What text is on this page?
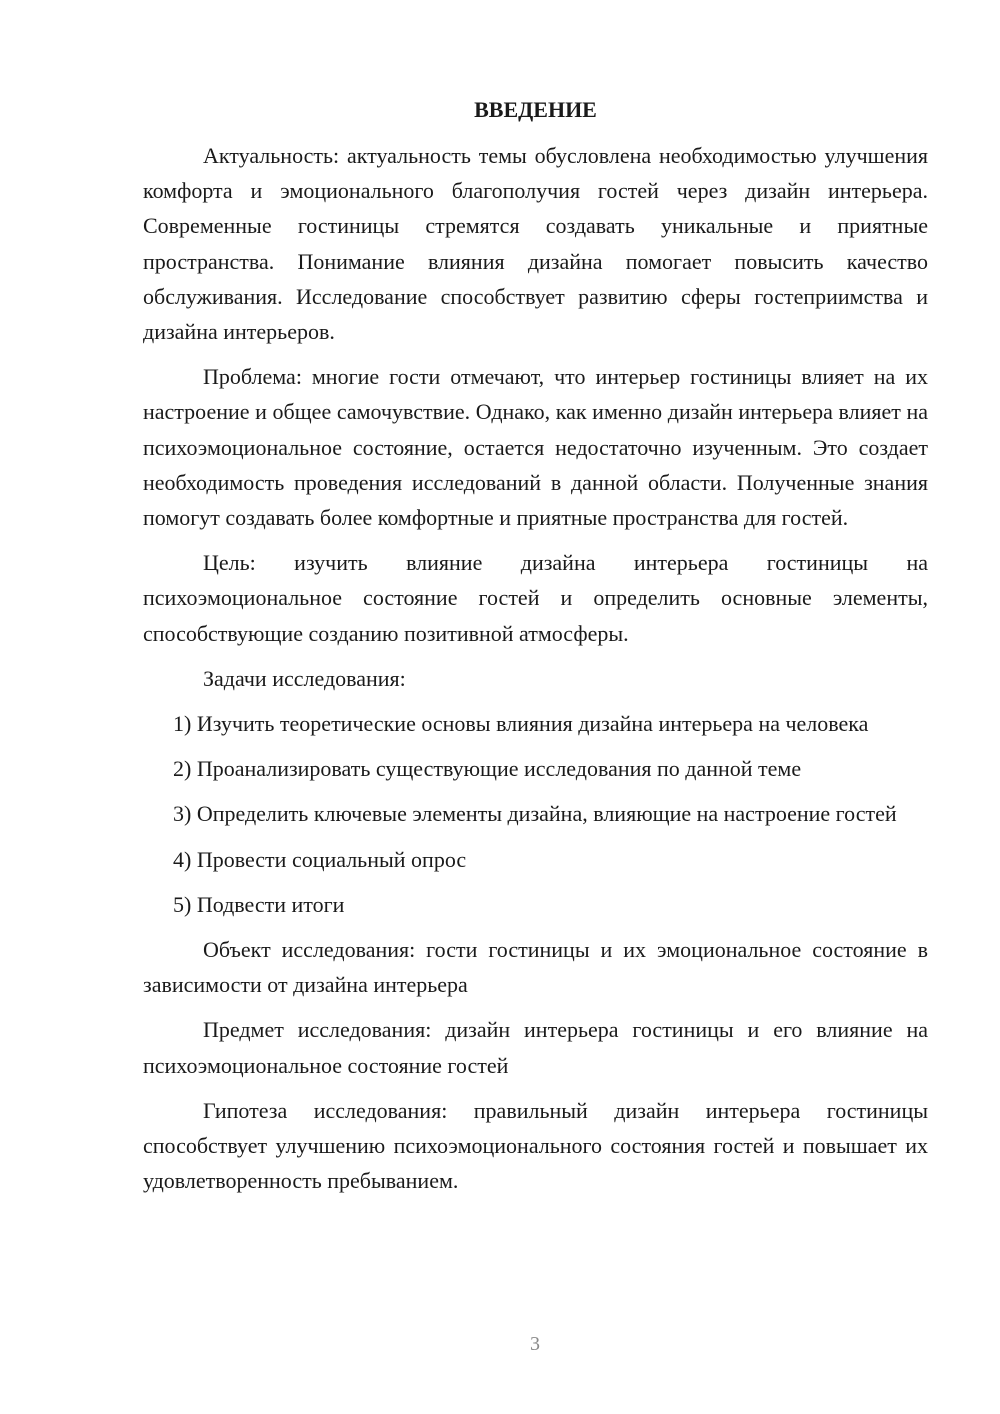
ВВЕДЕНИЕ

Актуальность: актуальность темы обусловлена необходимостью улучшения комфорта и эмоционального благополучия гостей через дизайн интерьера. Современные гостиницы стремятся создавать уникальные и приятные пространства. Понимание влияния дизайна помогает повысить качество обслуживания. Исследование способствует развитию сферы гостеприимства и дизайна интерьеров.

Проблема: многие гости отмечают, что интерьер гостиницы влияет на их настроение и общее самочувствие. Однако, как именно дизайн интерьера влияет на психоэмоциональное состояние, остается недостаточно изученным. Это создает необходимость проведения исследований в данной области. Полученные знания помогут создавать более комфортные и приятные пространства для гостей.

Цель: изучить влияние дизайна интерьера гостиницы на психоэмоциональное состояние гостей и определить основные элементы, способствующие созданию позитивной атмосферы.

Задачи исследования:

1) Изучить теоретические основы влияния дизайна интерьера на человека

2) Проанализировать существующие исследования по данной теме

3) Определить ключевые элементы дизайна, влияющие на настроение гостей

4) Провести социальный опрос

5) Подвести итоги

Объект исследования: гости гостиницы и их эмоциональное состояние в зависимости от дизайна интерьера

Предмет исследования: дизайн интерьера гостиницы и его влияние на психоэмоциональное состояние гостей

Гипотеза исследования: правильный дизайн интерьера гостиницы способствует улучшению психоэмоционального состояния гостей и повышает их удовлетворенность пребыванием.

3
